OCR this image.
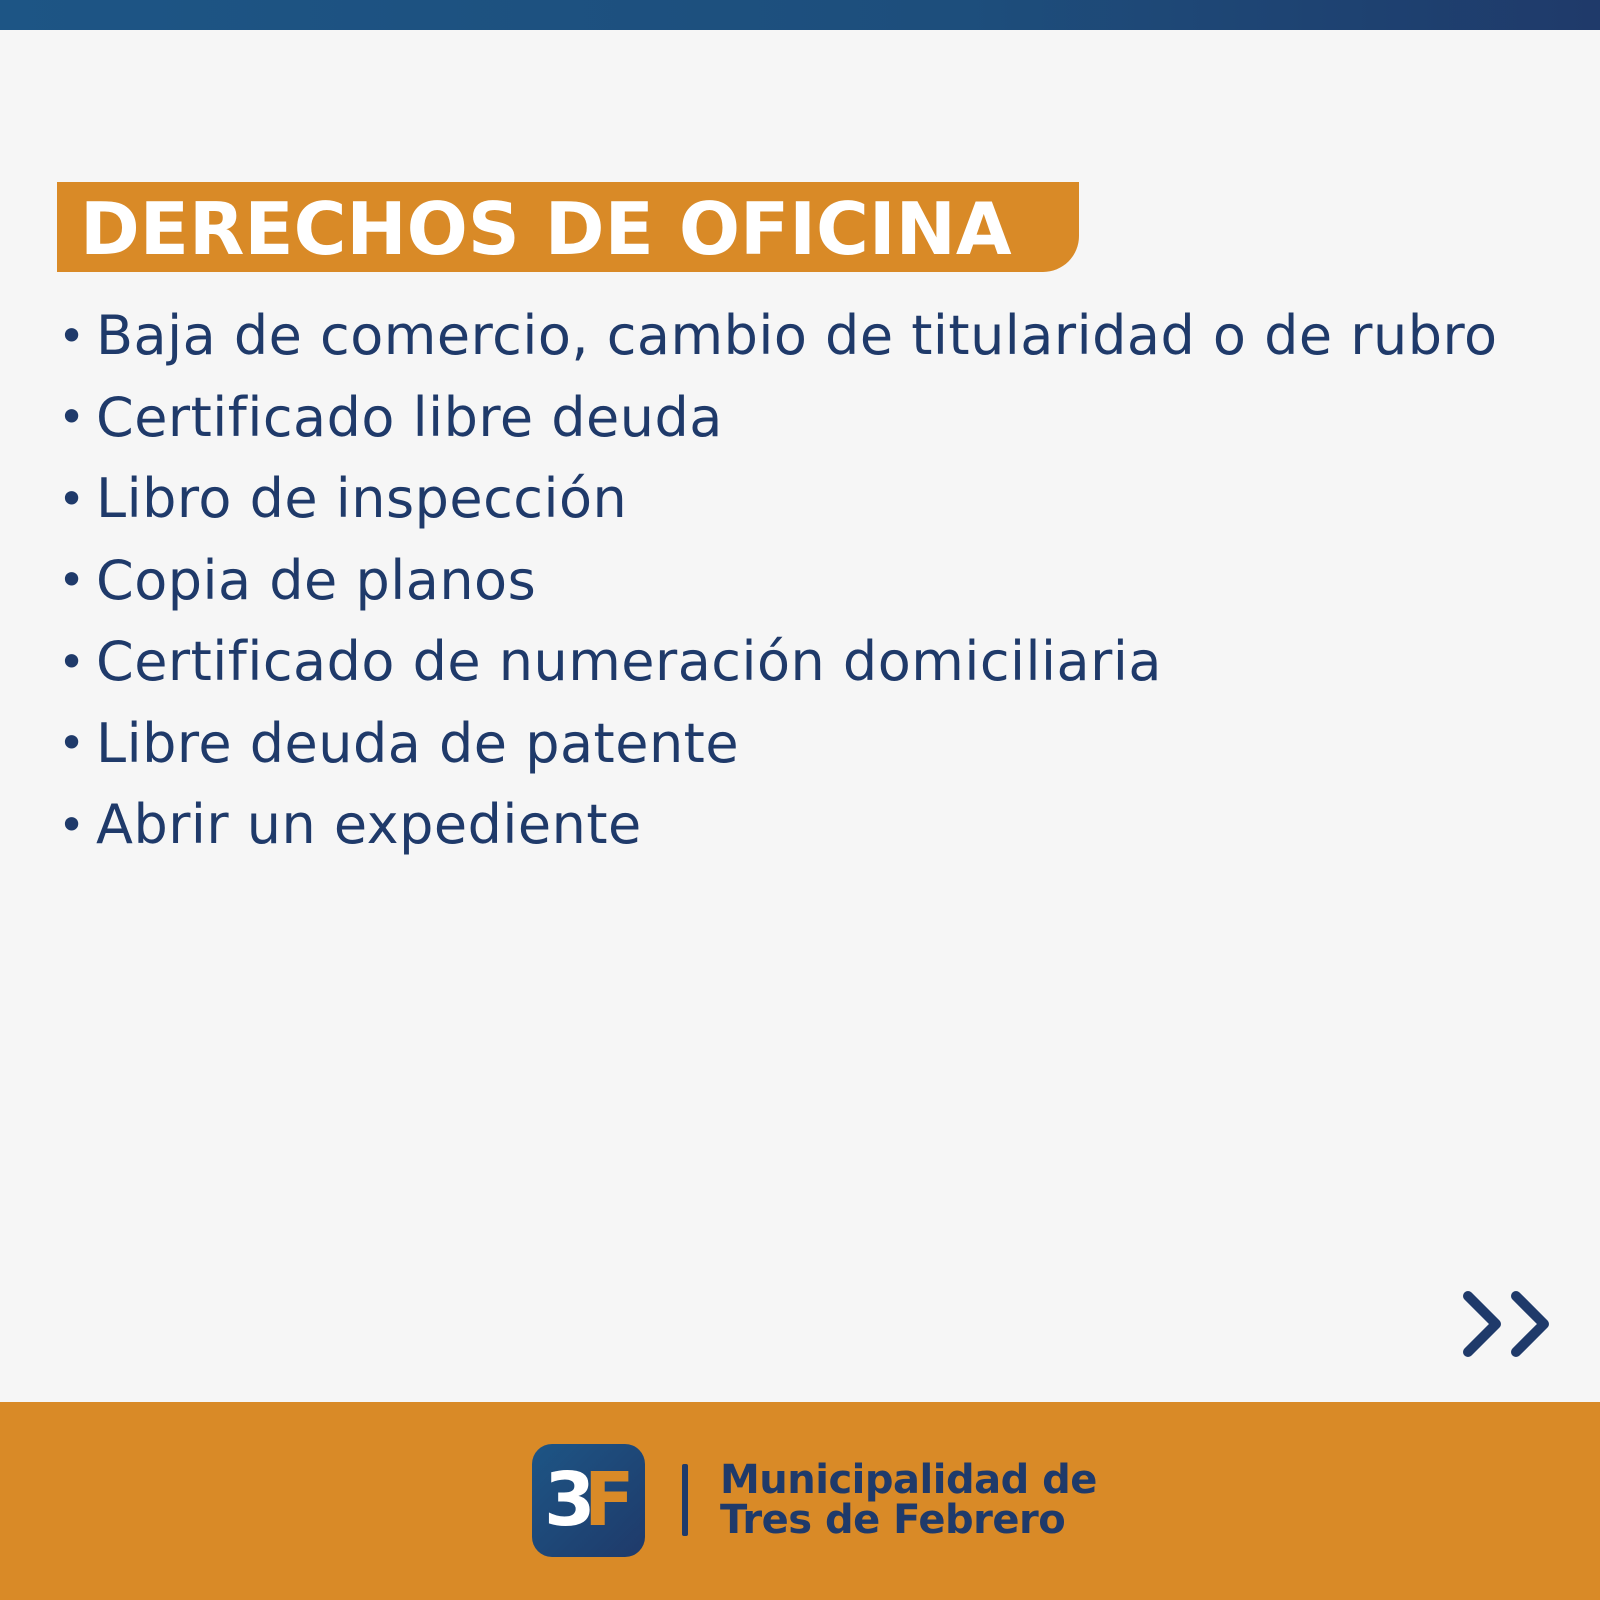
DERECHOS DE OFICINA
• Baja de comercio, cambio de titularidad o de rubro
• Certificado libre deuda
• Libro de inspección
• Copia de planos
• Certificado de numeración domiciliaria
• Libre deuda de patente
• Abrir un expediente
3
F Municipalidad de
Tres de Febrero
